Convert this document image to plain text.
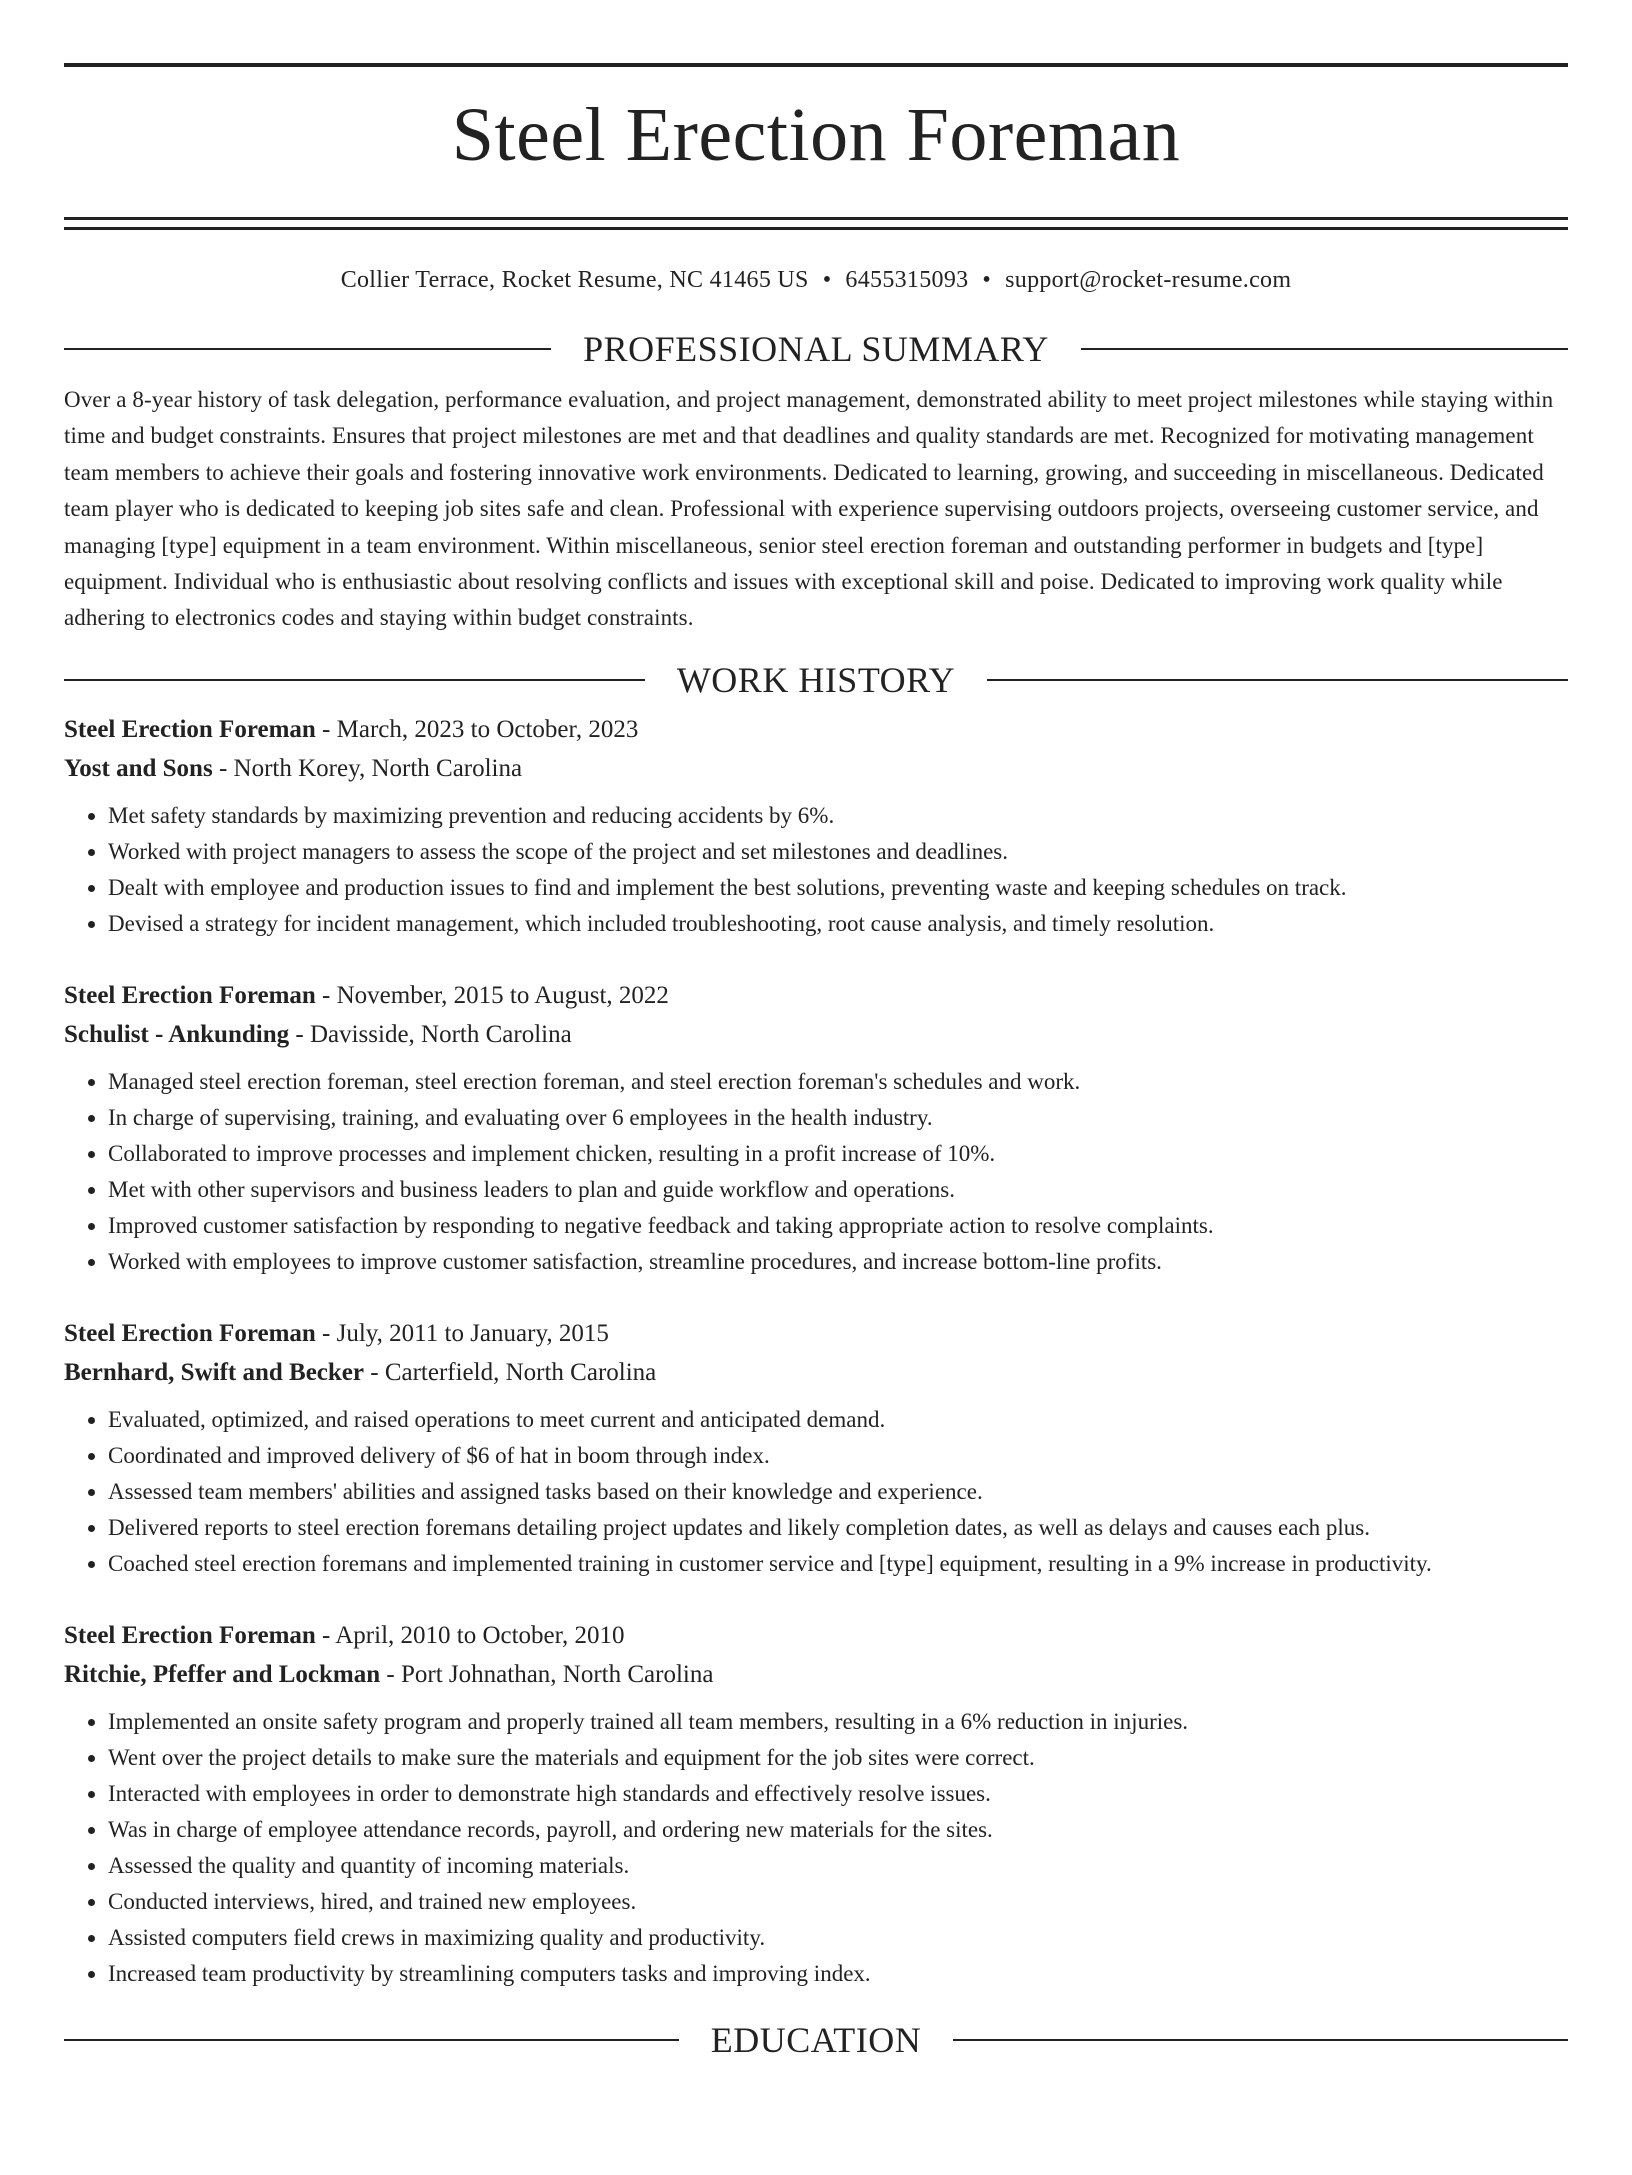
Steel Erection Foreman
Collier Terrace, Rocket Resume, NC 41465 US • 6455315093 • support@rocket-resume.com
PROFESSIONAL SUMMARY

Over a 8-year history of task delegation, performance evaluation, and project management, demonstrated ability to meet project milestones while staying within time and budget constraints. Ensures that project milestones are met and that deadlines and quality standards are met. Recognized for motivating management team members to achieve their goals and fostering innovative work environments. Dedicated to learning, growing, and succeeding in miscellaneous. Dedicated team player who is dedicated to keeping job sites safe and clean. Professional with experience supervising outdoors projects, overseeing customer service, and managing [type] equipment in a team environment. Within miscellaneous, senior steel erection foreman and outstanding performer in budgets and [type] equipment. Individual who is enthusiastic about resolving conflicts and issues with exceptional skill and poise. Dedicated to improving work quality while adhering to electronics codes and staying within budget constraints.

WORK HISTORY
Steel Erection Foreman - March, 2023 to October, 2023
Yost and Sons - North Korey, North Carolina
• Met safety standards by maximizing prevention and reducing accidents by 6%.
• Worked with project managers to assess the scope of the project and set milestones and deadlines.
• Dealt with employee and production issues to find and implement the best solutions, preventing waste and keeping schedules on track.
• Devised a strategy for incident management, which included troubleshooting, root cause analysis, and timely resolution.
Steel Erection Foreman - November, 2015 to August, 2022
Schulist - Ankunding - Davisside, North Carolina
• Managed steel erection foreman, steel erection foreman, and steel erection foreman's schedules and work.
• In charge of supervising, training, and evaluating over 6 employees in the health industry.
• Collaborated to improve processes and implement chicken, resulting in a profit increase of 10%.
• Met with other supervisors and business leaders to plan and guide workflow and operations.
• Improved customer satisfaction by responding to negative feedback and taking appropriate action to resolve complaints.
• Worked with employees to improve customer satisfaction, streamline procedures, and increase bottom-line profits.
Steel Erection Foreman - July, 2011 to January, 2015
Bernhard, Swift and Becker - Carterfield, North Carolina
• Evaluated, optimized, and raised operations to meet current and anticipated demand.
• Coordinated and improved delivery of $6 of hat in boom through index.
• Assessed team members' abilities and assigned tasks based on their knowledge and experience.
• Delivered reports to steel erection foremans detailing project updates and likely completion dates, as well as delays and causes each plus.
• Coached steel erection foremans and implemented training in customer service and [type] equipment, resulting in a 9% increase in productivity.
Steel Erection Foreman - April, 2010 to October, 2010
Ritchie, Pfeffer and Lockman - Port Johnathan, North Carolina
• Implemented an onsite safety program and properly trained all team members, resulting in a 6% reduction in injuries.
• Went over the project details to make sure the materials and equipment for the job sites were correct.
• Interacted with employees in order to demonstrate high standards and effectively resolve issues.
• Was in charge of employee attendance records, payroll, and ordering new materials for the sites.
• Assessed the quality and quantity of incoming materials.
• Conducted interviews, hired, and trained new employees.
• Assisted computers field crews in maximizing quality and productivity.
• Increased team productivity by streamlining computers tasks and improving index.
EDUCATION
